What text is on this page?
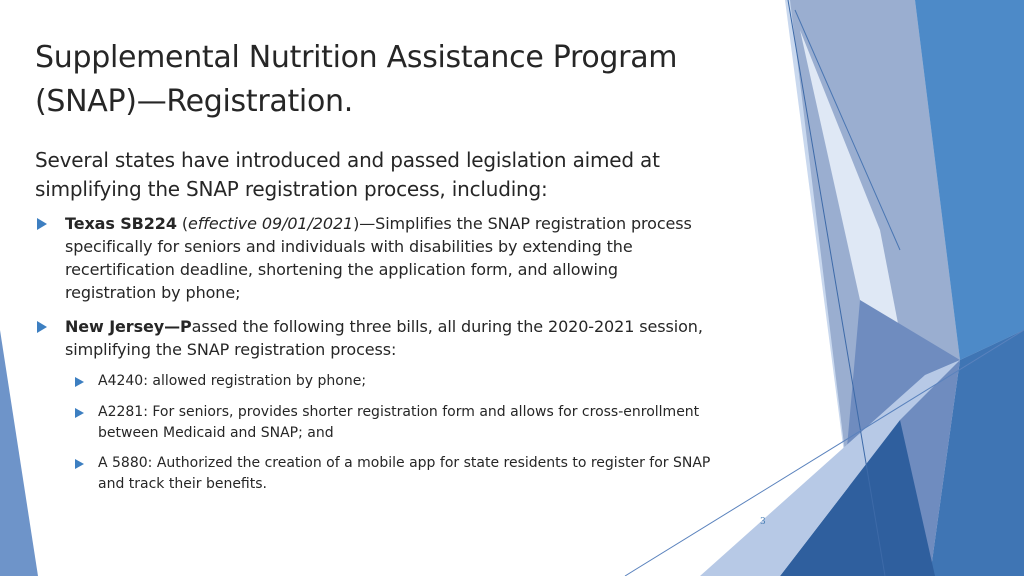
Supplemental Nutrition Assistance Program
(SNAP)—Registration.

Several states have introduced and passed legislation aimed at
simplifying the SNAP registration process, including:

Texas SB224 (effective 09/01/2021)—Simplifies the SNAP registration process
specifically for seniors and individuals with disabilities by extending the
recertification deadline, shortening the application form, and allowing
registration by phone;

New Jersey—Passed the following three bills, all during the 2020-2021 session,
simplifying the SNAP registration process:

A4240: allowed registration by phone;

A2281: For seniors, provides shorter registration form and allows for cross-enrollment
between Medicaid and SNAP; and

A 5880: Authorized the creation of a mobile app for state residents to register for SNAP
and track their benefits.

3
